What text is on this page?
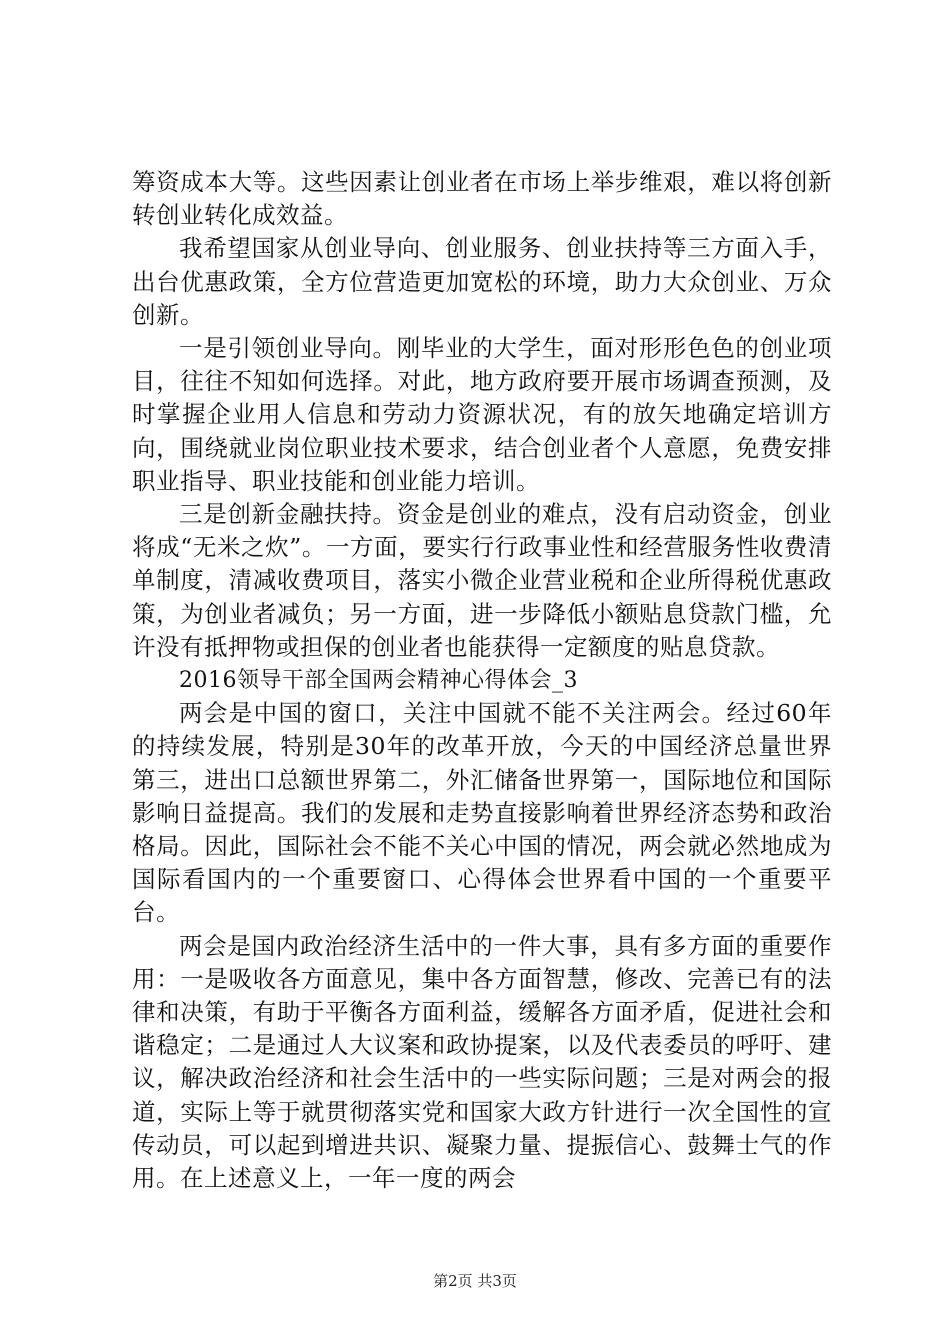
筹资成本大等。这些因素让创业者在市场上举步维艰，难以将创新转创业转化成效益。

我希望国家从创业导向、创业服务、创业扶持等三方面入手，出台优惠政策，全方位营造更加宽松的环境，助力大众创业、万众创新。

一是引领创业导向。刚毕业的大学生，面对形形色色的创业项目，往往不知如何选择。对此，地方政府要开展市场调查预测，及时掌握企业用人信息和劳动力资源状况，有的放矢地确定培训方向，围绕就业岗位职业技术要求，结合创业者个人意愿，免费安排职业指导、职业技能和创业能力培训。

三是创新金融扶持。资金是创业的难点，没有启动资金，创业将成“无米之炊”。一方面，要实行行政事业性和经营服务性收费清单制度，清减收费项目，落实小微企业营业税和企业所得税优惠政策，为创业者减负；另一方面，进一步降低小额贴息贷款门槛，允许没有抵押物或担保的创业者也能获得一定额度的贴息贷款。

2016领导干部全国两会精神心得体会_3

两会是中国的窗口，关注中国就不能不关注两会。经过60年的持续发展，特别是30年的改革开放，今天的中国经济总量世界第三，进出口总额世界第二，外汇储备世界第一，国际地位和国际影响日益提高。我们的发展和走势直接影响着世界经济态势和政治格局。因此，国际社会不能不关心中国的情况，两会就必然地成为国际看国内的一个重要窗口、心得体会世界看中国的一个重要平台。

两会是国内政治经济生活中的一件大事，具有多方面的重要作用：一是吸收各方面意见，集中各方面智慧，修改、完善已有的法律和决策，有助于平衡各方面利益，缓解各方面矛盾，促进社会和谐稳定；二是通过人大议案和政协提案，以及代表委员的呼吁、建议，解决政治经济和社会生活中的一些实际问题；三是对两会的报道，实际上等于就贯彻落实党和国家大政方针进行一次全国性的宣传动员，可以起到增进共识、凝聚力量、提振信心、鼓舞士气的作用。在上述意义上，一年一度的两会

第2页 共3页
